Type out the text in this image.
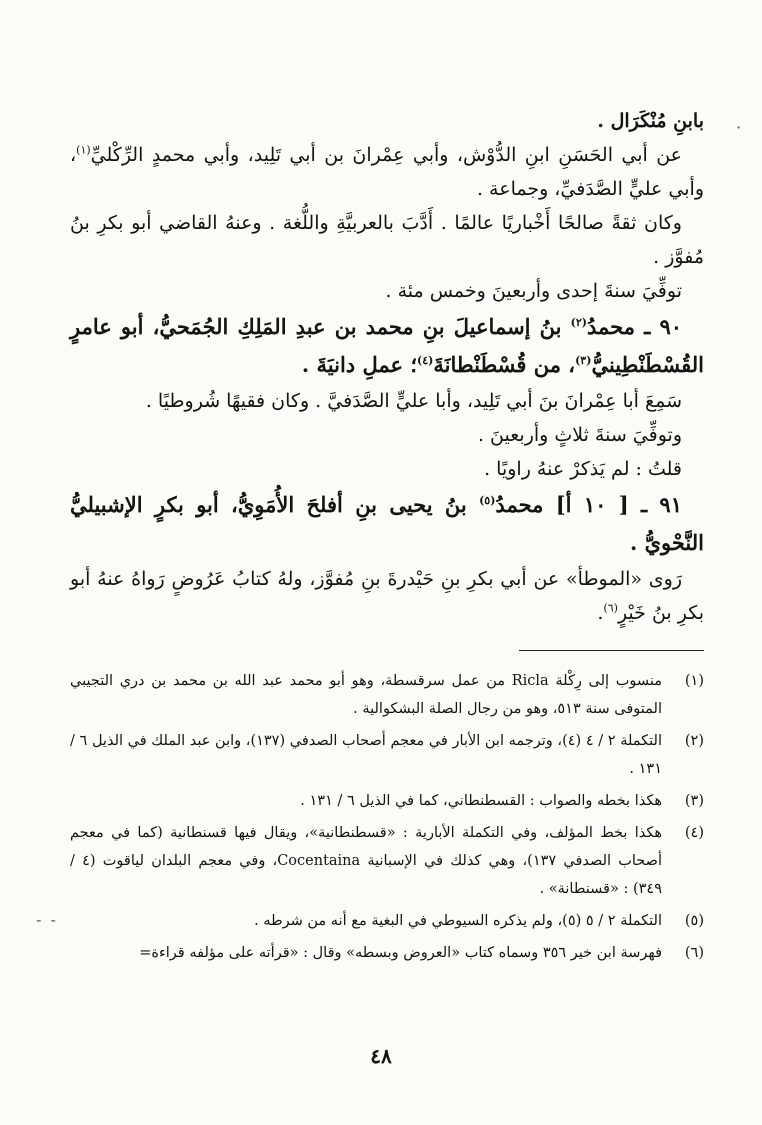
·
- -

بابنِ مُنْكَرَال .

عن أبي الحَسَنِ ابنِ الدُّوْش، وأبي عِمْرانَ بن أبي تَلِيد، وأبي محمدٍ الرِّكْليِّ$^{(١)}$، وأبي عليٍّ الصَّدَفيِّ، وجماعة .

وكان ثقةً صالحًا أَخْباريًا عالمًا . أَدَّبَ بالعربيَّةِ واللُّغة . وعنهُ القاضي أبو بكرِ بنُ مُفوَّز .

توفِّيَ سنةَ إحدى وأربعينَ وخمس مئة .

٩٠ ـ محمدُ$^{(٢)}$ بنُ إسماعيلَ بنِ محمد بن عبدِ المَلِكِ الجُمَحيُّ، أبو عامرٍ القُسْطَنْطِينيُّ$^{(٣)}$، من قُسْطَنْطانَةَ$^{(٤)}$؛ عملِ دانيَةَ .

سَمِعَ أبا عِمْرانَ بنَ أبي تَلِيد، وأبا عليٍّ الصَّدَفيَّ . وكان فقيهًا شُروطيًا .

وتوفِّيَ سنةَ ثلاثٍ وأربعينَ .

قلتُ : لم يَذكرْ عنهُ راويًا .

٩١ ـ [ ١٠ أ] محمدُ$^{(٥)}$ بنُ يحيى بنِ أفلحَ الأُمَوِيُّ، أبو بكرٍ الإشبيليُّ النَّحْويُّ .

رَوى «الموطأ» عن أبي بكرِ بنِ حَيْدرةَ بنِ مُفوَّز، ولهُ كتابُ عَرُوضٍ رَواهُ عنهُ أبو بكرِ بنُ خَيْرٍ$^{(٦)}$.

(١)
منسوب إلى رِكْلة Ricla من عمل سرقسطة، وهو أبو محمد عبد الله بن محمد بن دري التجيبي المتوفى سنة ٥١٣، وهو من رجال الصلة البشكوالية .
(٢)
التكملة ٢ / ٤ (٤)، وترجمه ابن الأبار في معجم أصحاب الصدفي (١٣٧)، وابن عبد الملك في الذيل ٦ / ١٣١ .
(٣)
هكذا بخطه والصواب : القسطنطاني، كما في الذيل ٦ / ١٣١ .
(٤)
هكذا بخط المؤلف، وفي التكملة الأبارية : «قسطنطانية»، ويقال فيها قسنطانية (كما في معجم أصحاب الصدفي ١٣٧)، وهي كذلك في الإسبانية Cocentaina، وفي معجم البلدان لياقوت (٤ / ٣٤٩) : «قسنطانة» .
(٥)
التكملة ٢ / ٥ (٥)، ولم يذكره السيوطي في البغية مع أنه من شرطه .
(٦)
فهرسة ابن خير ٣٥٦ وسماه كتاب «العروض وبسطه» وقال : «قرأته على مؤلفه قراءة=
٤٨
